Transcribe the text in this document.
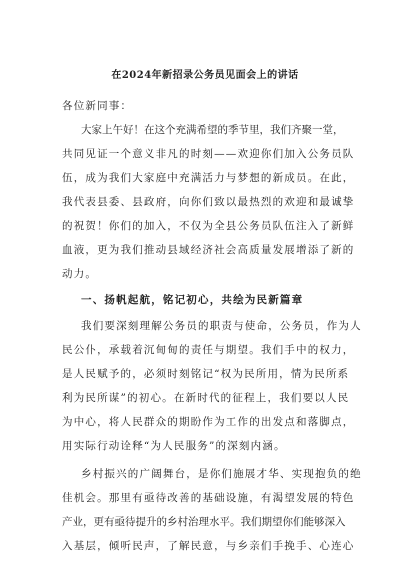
在2024年新招录公务员见面会上的讲话

各位新同事：

大家上午好！在这个充满希望的季节里，我们齐聚一堂，

共同见证一个意义非凡的时刻——欢迎你们加入公务员队

伍，成为我们大家庭中充满活力与梦想的新成员。在此，

我代表县委、县政府，向你们致以最热烈的欢迎和最诚挚

的祝贺！你们的加入，不仅为全县公务员队伍注入了新鲜

血液，更为我们推动县域经济社会高质量发展增添了新的

动力。

一、扬帆起航，铭记初心，共绘为民新篇章

我们要深刻理解公务员的职责与使命，公务员，作为人

民公仆，承载着沉甸甸的责任与期望。我们手中的权力，

是人民赋予的，必须时刻铭记“权为民所用，情为民所系

利为民所谋”的初心。在新时代的征程上，我们要以人民

为中心，将人民群众的期盼作为工作的出发点和落脚点，

用实际行动诠释“为人民服务”的深刻内涵。

乡村振兴的广阔舞台，是你们施展才华、实现抱负的绝

佳机会。那里有亟待改善的基础设施，有渴望发展的特色

产业，更有亟待提升的乡村治理水平。我们期望你们能够深入

入基层，倾听民声，了解民意，与乡亲们手挽手、心连心
